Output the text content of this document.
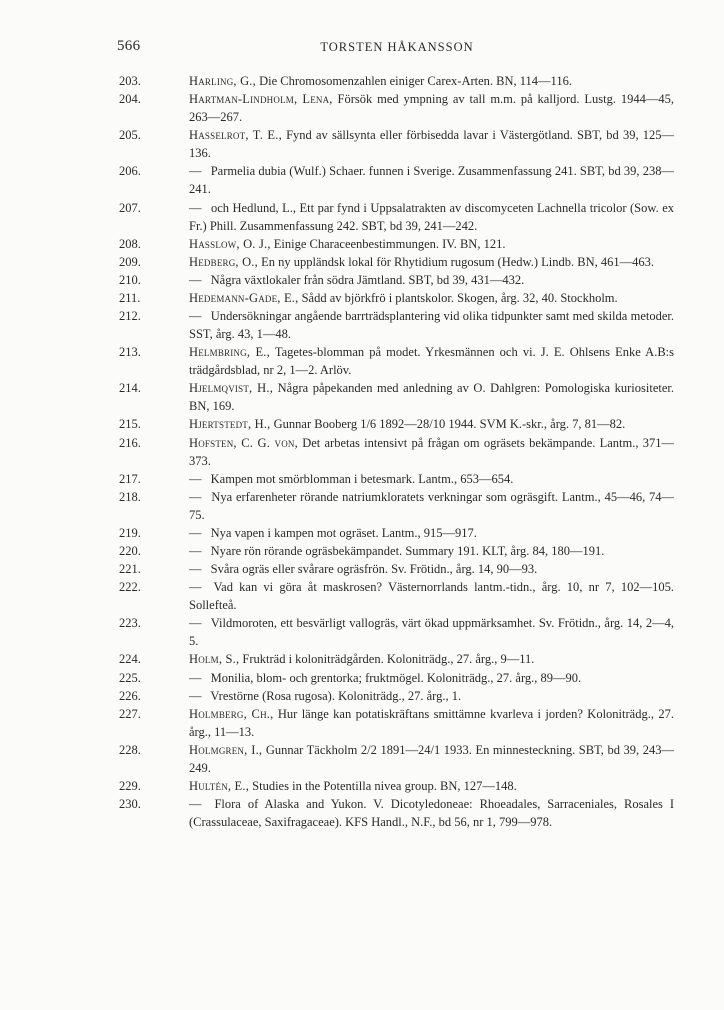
566	TORSTEN HÅKANSSON
203.	Harling, G., Die Chromosomenzahlen einiger Carex-Arten. BN, 114—116.
204.	Hartman-Lindholm, Lena, Försök med ympning av tall m.m. på kalljord. Lustg. 1944—45, 263—267.
205.	Hasselrot, T. E., Fynd av sällsynta eller förbisedda lavar i Västergötland. SBT, bd 39, 125—136.
206.	— Parmelia dubia (Wulf.) Schaer. funnen i Sverige. Zusammenfassung 241. SBT, bd 39, 238—241.
207.	— och Hedlund, L., Ett par fynd i Uppsalatrakten av discomyceten Lachnella tricolor (Sow. ex Fr.) Phill. Zusammenfassung 242. SBT, bd 39, 241—242.
208.	Hasslow, O. J., Einige Characeenbestimmungen. IV. BN, 121.
209.	Hedberg, O., En ny uppländsk lokal för Rhytidium rugosum (Hedw.) Lindb. BN, 461—463.
210.	— Några växtlokaler från södra Jämtland. SBT, bd 39, 431—432.
211.	Hedemann-Gade, E., Sådd av björkfrö i plantskolor. Skogen, årg. 32, 40. Stockholm.
212.	— Undersökningar angående barrträdsplantering vid olika tidpunkter samt med skilda metoder. SST, årg. 43, 1—48.
213.	Helmbring, E., Tagetes-blomman på modet. Yrkesmännen och vi. J. E. Ohlsens Enke A.B:s trädgårdsblad, nr 2, 1—2. Arlöv.
214.	Hjelmqvist, H., Några påpekanden med anledning av O. Dahlgren: Pomologiska kuriositeter. BN, 169.
215.	Hjertstedt, H., Gunnar Booberg 1/6 1892—28/10 1944. SVM K.-skr., årg. 7, 81—82.
216.	Hofsten, C. G. von, Det arbetas intensivt på frågan om ogräsets bekämpande. Lantm., 371—373.
217.	— Kampen mot smörblomman i betesmark. Lantm., 653—654.
218.	— Nya erfarenheter rörande natriumkloratets verkningar som ogräsgift. Lantm., 45—46, 74—75.
219.	— Nya vapen i kampen mot ogräset. Lantm., 915—917.
220.	— Nyare rön rörande ogräsbekämpandet. Summary 191. KLT, årg. 84, 180—191.
221.	— Svåra ogräs eller svårare ogräsfrön. Sv. Frötidn., årg. 14, 90—93.
222.	— Vad kan vi göra åt maskrosen? Västernorrlands lantm.-tidn., årg. 10, nr 7, 102—105. Sollefteå.
223.	— Vildmoroten, ett besvärligt vallogräs, värt ökad uppmärksamhet. Sv. Frötidn., årg. 14, 2—4, 5.
224.	Holm, S., Frukträd i koloniträdgården. Koloniträdg., 27. årg., 9—11.
225.	— Monilia, blom- och grentorka; fruktmögel. Koloniträdg., 27. årg., 89—90.
226.	— Vrestörne (Rosa rugosa). Koloniträdg., 27. årg., 1.
227.	Holmberg, Ch., Hur länge kan potatiskräftans smittämne kvarleva i jorden? Koloniträdg., 27. årg., 11—13.
228.	Holmgren, I., Gunnar Täckholm 2/2 1891—24/1 1933. En minnesteckning. SBT, bd 39, 243—249.
229.	Hultén, E., Studies in the Potentilla nivea group. BN, 127—148.
230.	— Flora of Alaska and Yukon. V. Dicotyledoneae: Rhoeadales, Sarraceniales, Rosales I (Crassulaceae, Saxifragaceae). KFS Handl., N.F., bd 56, nr 1, 799—978.
